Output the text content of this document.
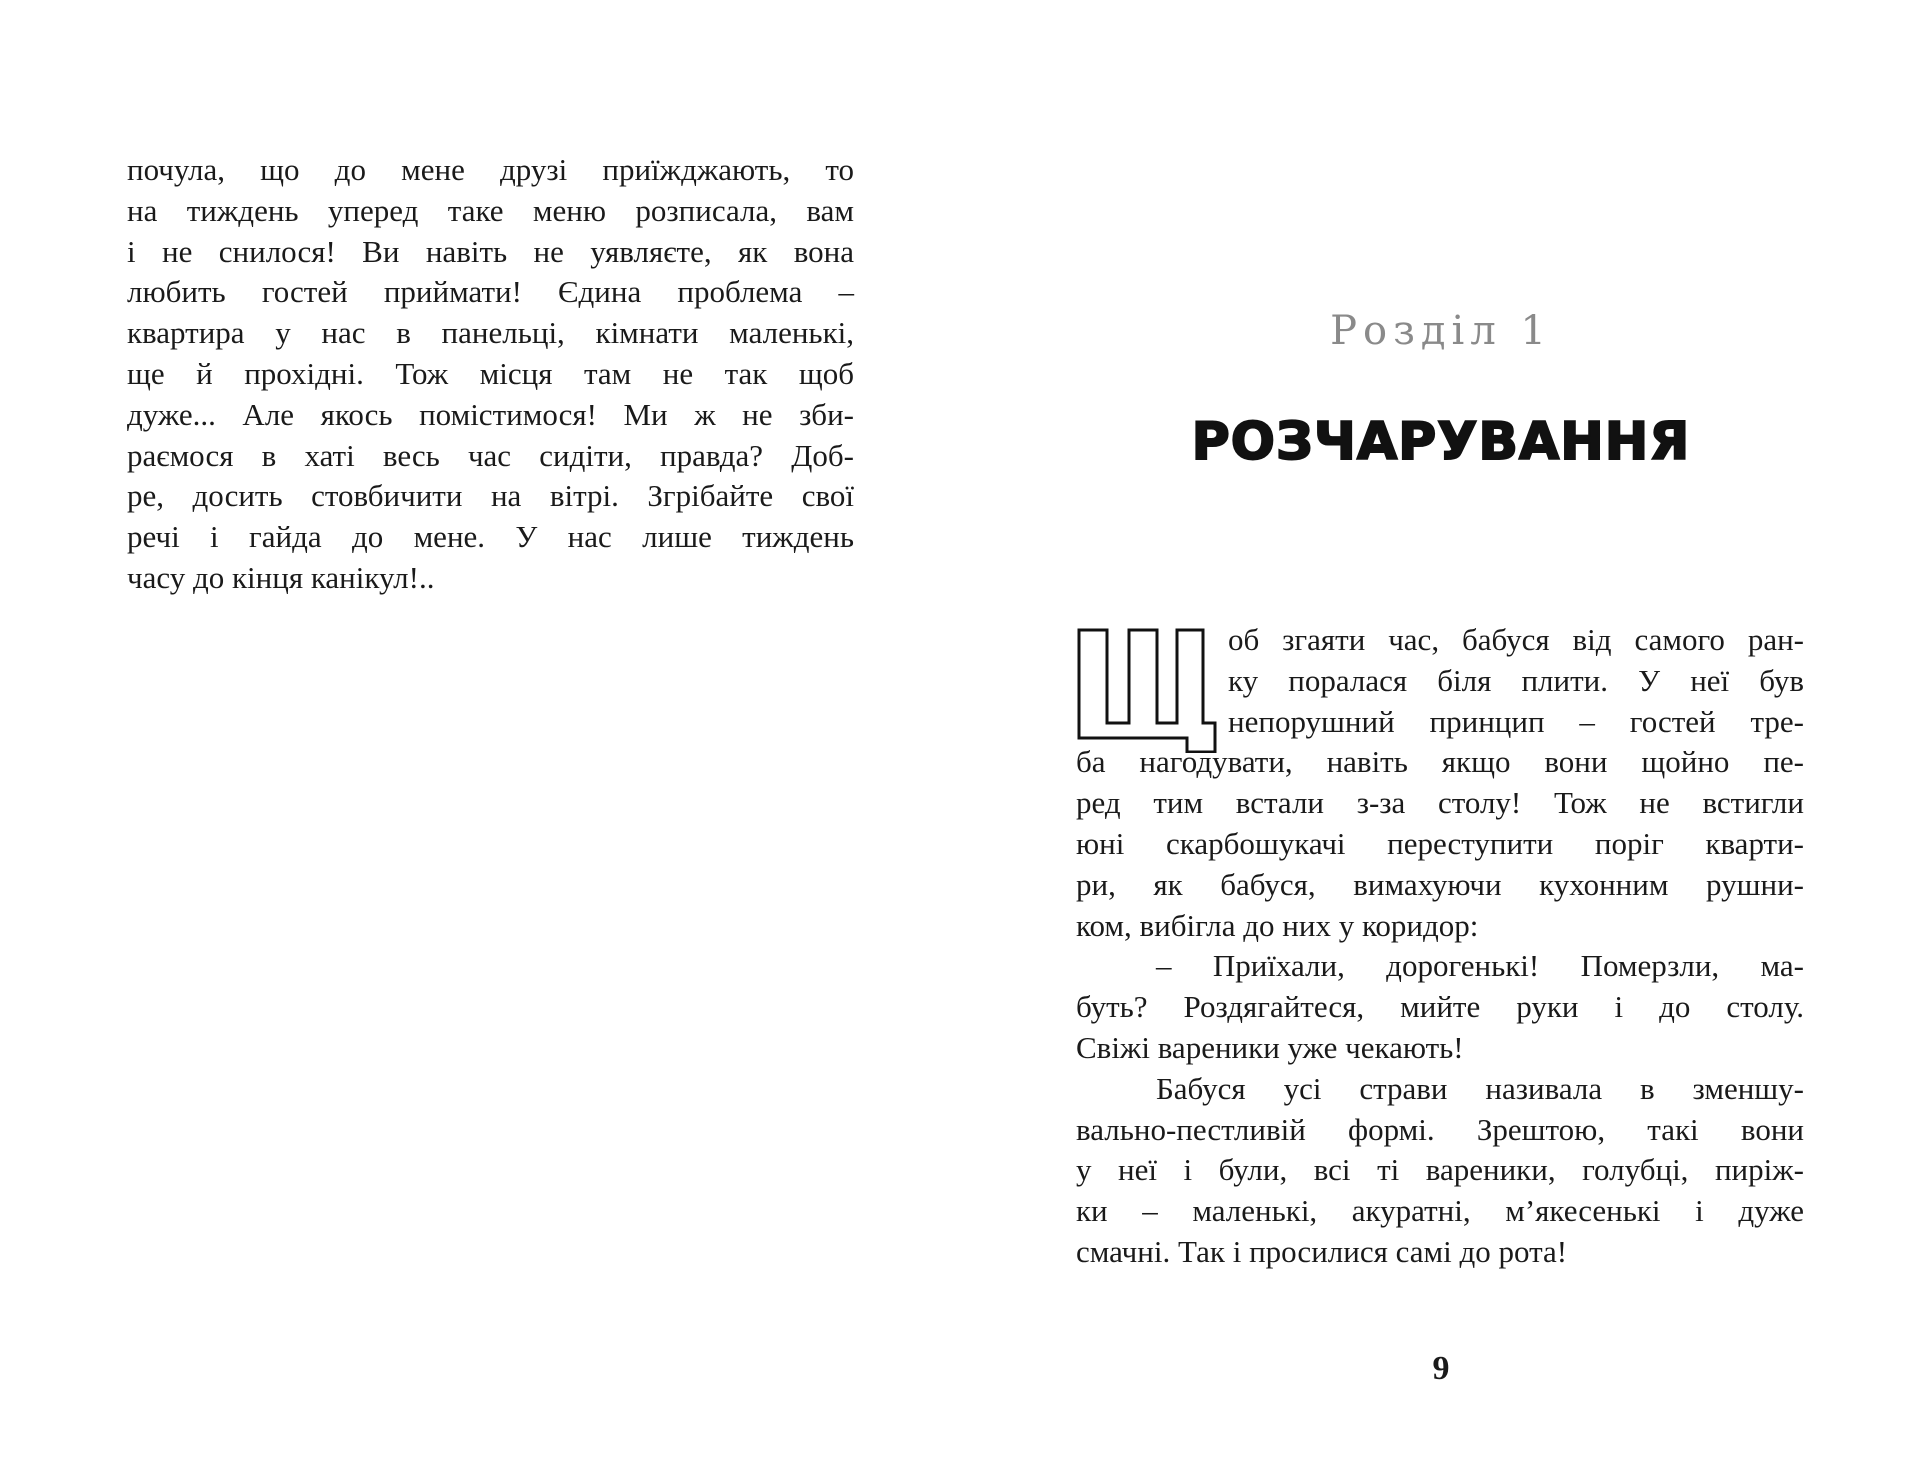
почула, що до мене друзі приїжджають, то
на тиждень уперед таке меню розписала, вам
і не снилося! Ви навіть не уявляєте, як вона
любить гостей приймати! Єдина проблема –
квартира у нас в панельці, кімнати маленькі,
ще й прохідні. Тож місця там не так щоб
дуже... Але якось помістимося! Ми ж не зби-
раємося в хаті весь час сидіти, правда? Доб-
ре, досить стовбичити на вітрі. Згрібайте свої
речі і гайда до мене. У нас лише тиждень
часу до кінця канікул!..
Розділ 1
РОЗЧАРУВАННЯ
об згаяти час, бабуся від самого ран-
ку поралася біля плити. У неї був
непорушний принцип – гостей тре-
ба нагодувати, навіть якщо вони щойно пе-
ред тим встали з-за столу! Тож не встигли
юні скарбошукачі переступити поріг кварти-
ри, як бабуся, вимахуючи кухонним рушни-
ком, вибігла до них у коридор:
– Приїхали, дорогенькі! Померзли, ма-
буть? Роздягайтеся, мийте руки і до столу.
Свіжі вареники уже чекають!
Бабуся усі страви називала в зменшу-
вально-пестливій формі. Зрештою, такі вони
у неї і були, всі ті вареники, голубці, пиріж-
ки – маленькі, акуратні, м’якесенькі і дуже
смачні. Так і просилися самі до рота!
9
